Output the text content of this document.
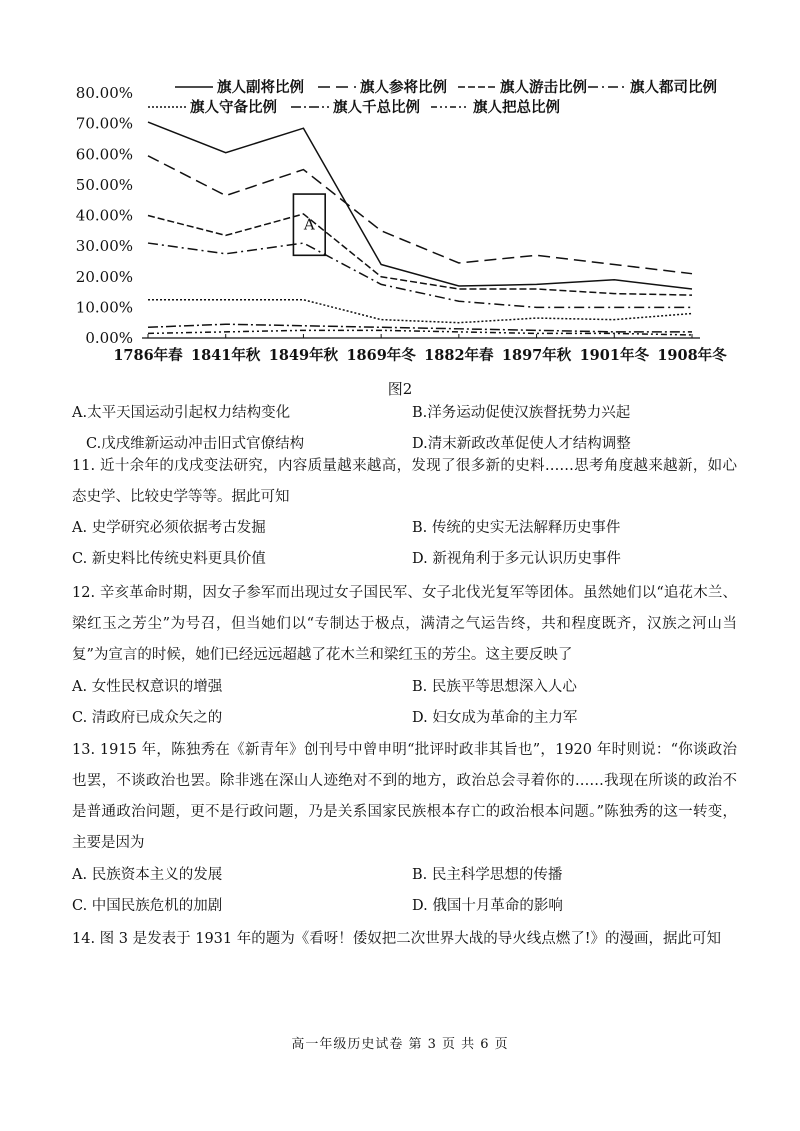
0.00%
10.00%
20.00%
30.00%
40.00%
50.00%
60.00%
70.00%
80.00%
1786年春 1841年秋 1849年秋 1869年冬 1882年春 1897年秋 1901年冬 1908年冬
A
旗人副将比例	旗人参将比例	旗人游击比例	旗人都司比例
旗人守备比例	旗人千总比例	旗人把总比例
图2
A.太平天国运动引起权力结构变化	B.洋务运动促使汉族督抚势力兴起
C.戊戌维新运动冲击旧式官僚结构	D.清末新政改革促使人才结构调整
11. 近十余年的戊戌变法研究，内容质量越来越高，发现了很多新的史料……思考角度越来越新，如心态史学、比较史学等等。据此可知
A. 史学研究必须依据考古发掘	B. 传统的史实无法解释历史事件
C. 新史料比传统史料更具价值	D. 新视角利于多元认识历史事件
12. 辛亥革命时期，因女子参军而出现过女子国民军、女子北伐光复军等团体。虽然她们以“追花木兰、梁红玉之芳尘”为号召，但当她们以“专制达于极点，满清之气运告终，共和程度既齐，汉族之河山当复”为宣言的时候，她们已经远远超越了花木兰和梁红玉的芳尘。这主要反映了
A. 女性民权意识的增强	B. 民族平等思想深入人心
C. 清政府已成众矢之的	D. 妇女成为革命的主力军
13. 1915 年，陈独秀在《新青年》创刊号中曾申明“批评时政非其旨也”，1920 年时则说：“你谈政治也罢，不谈政治也罢。除非逃在深山人迹绝对不到的地方，政治总会寻着你的……我现在所谈的政治不是普通政治问题，更不是行政问题，乃是关系国家民族根本存亡的政治根本问题。”陈独秀的这一转变，主要是因为
A. 民族资本主义的发展	B. 民主科学思想的传播
C. 中国民族危机的加剧	D. 俄国十月革命的影响
14. 图 3 是发表于 1931 年的题为《看呀！倭奴把二次世界大战的导火线点燃了!》的漫画，据此可知
高一年级历史试卷 第 3 页 共 6 页
